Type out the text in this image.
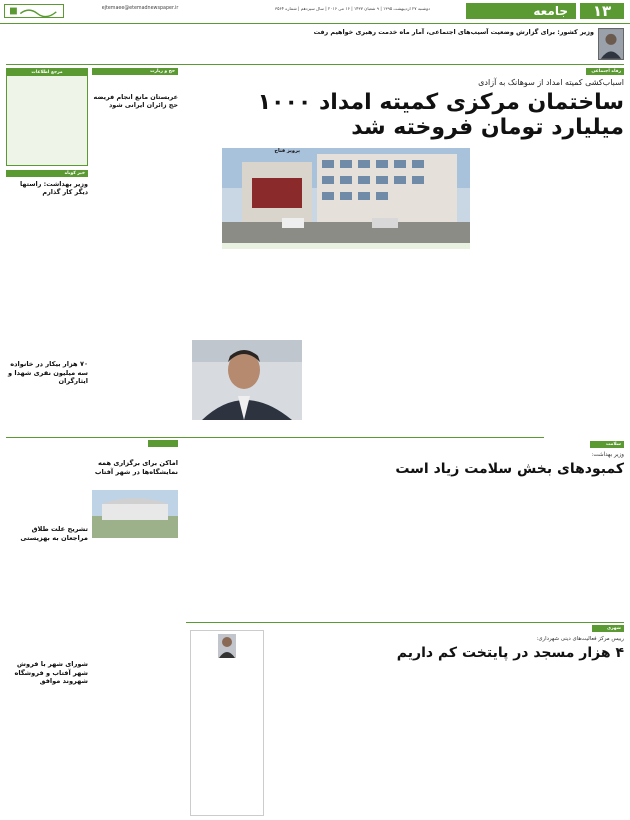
۱۳
جامعه
دوشنبه ۲۷ اردیبهشت ۱۳۹۵ | ۹ شعبان ۱۴۳۷ | ۱۶ می ۲۰۱۶ | سال سیزدهم | شماره ۳۵۶۴
ejtemaee@etemadnewspaper.ir
وزیر کشور: برای گزارش وضعیت آسیب‌های اجتماعی، آمار ماه خدمت رهبری خواهیم رفت
رفاه اجتماعی
اسباب‌کشی کمیته امداد از سوهانک به آزادی
ساختمان مرکزی کمیته امداد ۱۰۰۰ میلیارد تومان فروخته شد
پرویز فتاح
مرجع اطلاعات	حج و زیارت
عربستان مانع انجام فریضه حج زائران ایرانی شود
خبر کوتاه
وزیر بهداشت: راستها دیگر کار گذارم
۷۰ هزار بیکار در خانواده سه میلیون نفری شهدا و ایثارگران
تشریح علت طلاق مراجعان به بهزیستی
شورای شهر با فروش شهر آفتاب و فروشگاه شهروند موافق
اماکن برای برگزاری همه نمایشگاه‌ها در شهر آفتاب
سلامت
وزیر بهداشت:
کمبودهای بخش سلامت زیاد است
شهری
رییس مرکز فعالیت‌های دینی شهرداری:
۴ هزار مسجد در پایتخت کم داریم
